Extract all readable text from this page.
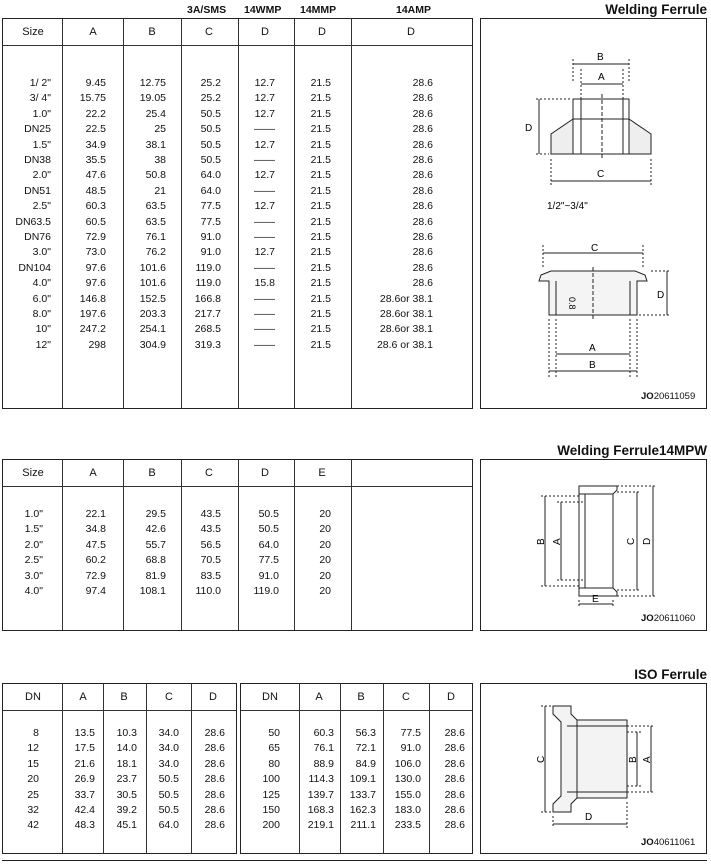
3A/SMS 14WMP 14MMP	14AMP	Welding Ferrule
Size	A	B	C	D	D	D
1/ 2"	9.45	12.75	25.2	12.7	21.5	28.6
3/ 4"	15.75	19.05	25.2	12.7	21.5	28.6
1.0"	22.2	25.4	50.5	12.7	21.5	28.6
DN25	22.5	25	50.5	——	21.5	28.6
1.5"	34.9	38.1	50.5	12.7	21.5	28.6
DN38	35.5	38	50.5	——	21.5	28.6
2.0"	47.6	50.8	64.0	12.7	21.5	28.6
DN51	48.5	21	64.0	——	21.5	28.6
2.5"	60.3	63.5	77.5	12.7	21.5	28.6
DN63.5	60.5	63.5	77.5	——	21.5	28.6
DN76	72.9	76.1	91.0	——	21.5	28.6
3.0"	73.0	76.2	91.0	12.7	21.5	28.6
DN104	97.6	101.6	119.0	——	21.5	28.6
4.0"	97.6	101.6	119.0	15.8	21.5	28.6
6.0"	146.8	152.5	166.8	——	21.5	28.6or 38.1
8.0"	197.6	203.3	217.7	——	21.5	28.6or 38.1
10"	247.2	254.1	268.5	——	21.5	28.6or 38.1
12"	298	304.9	319.3	——	21.5	28.6 or 38.1
B
A
D
C
1/2"~3/4"
C
D
0.8
A
B
JO20611059
Welding Ferrule14MPW
Size	A	B	C	D	E
1.0"	22.1	29.5	43.5	50.5	20
1.5"	34.8	42.6	43.5	50.5	20
2.0"	47.5	55.7	56.5	64.0	20
2.5"	60.2	68.8	70.5	77.5	20
3.0"	72.9	81.9	83.5	91.0	20
4.0"	97.4	108.1	110.0	119.0	20
B A	C D
E
JO20611060
ISO Ferrule
DN	A	B	C	D
8	13.5	10.3	34.0	28.6
12	17.5	14.0	34.0	28.6
15	21.6	18.1	34.0	28.6
20	26.9	23.7	50.5	28.6
25	33.7	30.5	50.5	28.6
32	42.4	39.2	50.5	28.6
42	48.3	45.1	64.0	28.6
DN	A	B	C	D
50	60.3	56.3	77.5	28.6
65	76.1	72.1	91.0	28.6
80	88.9	84.9	106.0	28.6
100	114.3	109.1	130.0	28.6
125	139.7	133.7	155.0	28.6
150	168.3	162.3	183.0	28.6
200	219.1	211.1	233.5	28.6
C	B A
D
JO40611061
